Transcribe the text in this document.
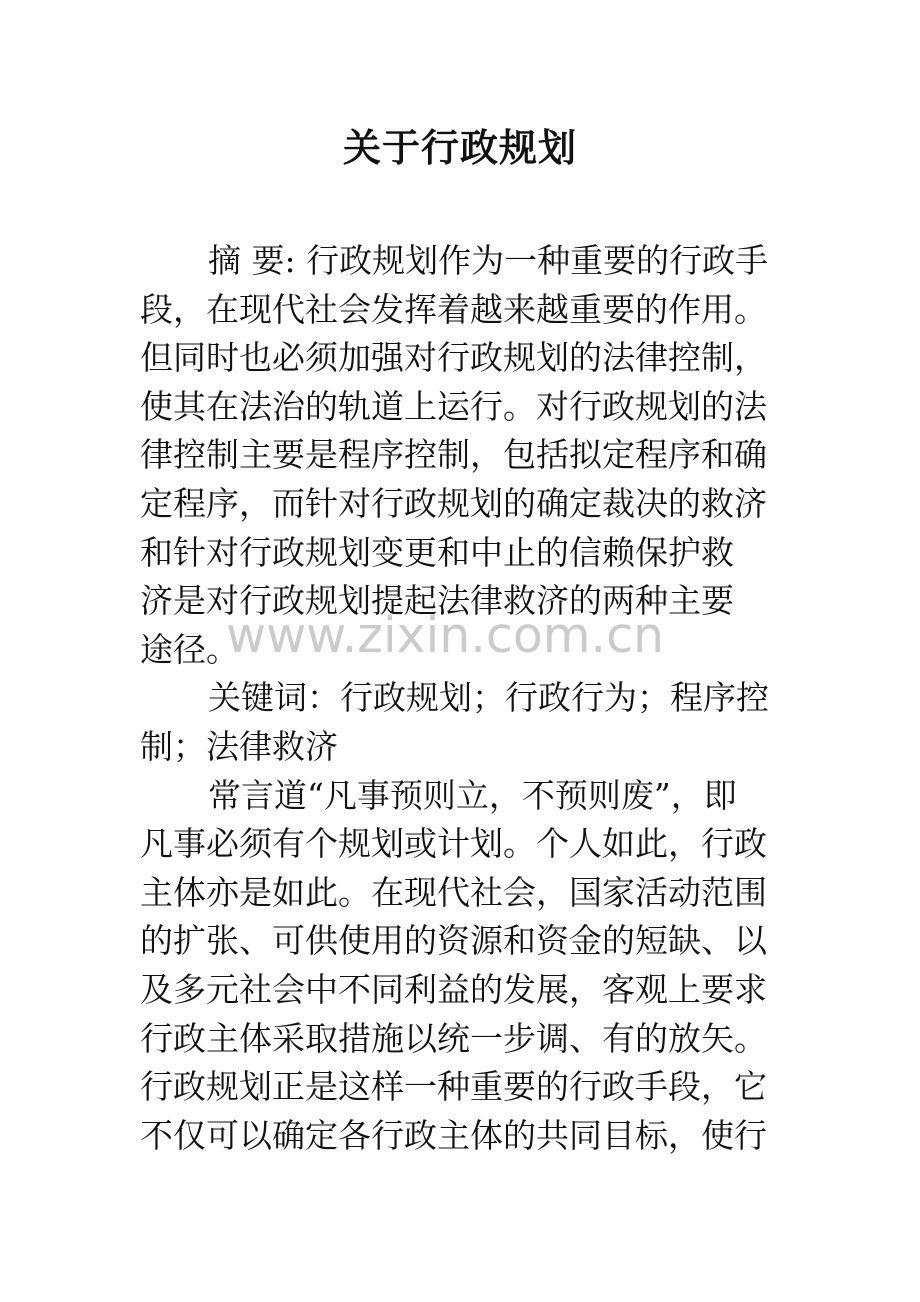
关于行政规划
摘 要: 行政规划作为一种重要的行政手
段，在现代社会发挥着越来越重要的作用。
但同时也必须加强对行政规划的法律控制，
使其在法治的轨道上运行。对行政规划的法
律控制主要是程序控制，包括拟定程序和确
定程序，而针对行政规划的确定裁决的救济
和针对行政规划变更和中止的信赖保护救
济是对行政规划提起法律救济的两种主要
途径。
关键词：行政规划；行政行为；程序控
制；法律救济
常言道“凡事预则立，不预则废”，即
凡事必须有个规划或计划。个人如此，行政
主体亦是如此。在现代社会，国家活动范围
的扩张、可供使用的资源和资金的短缺、以
及多元社会中不同利益的发展，客观上要求
行政主体采取措施以统一步调、有的放矢。
行政规划正是这样一种重要的行政手段，它
不仅可以确定各行政主体的共同目标，使行
www.zixin.com.cn
